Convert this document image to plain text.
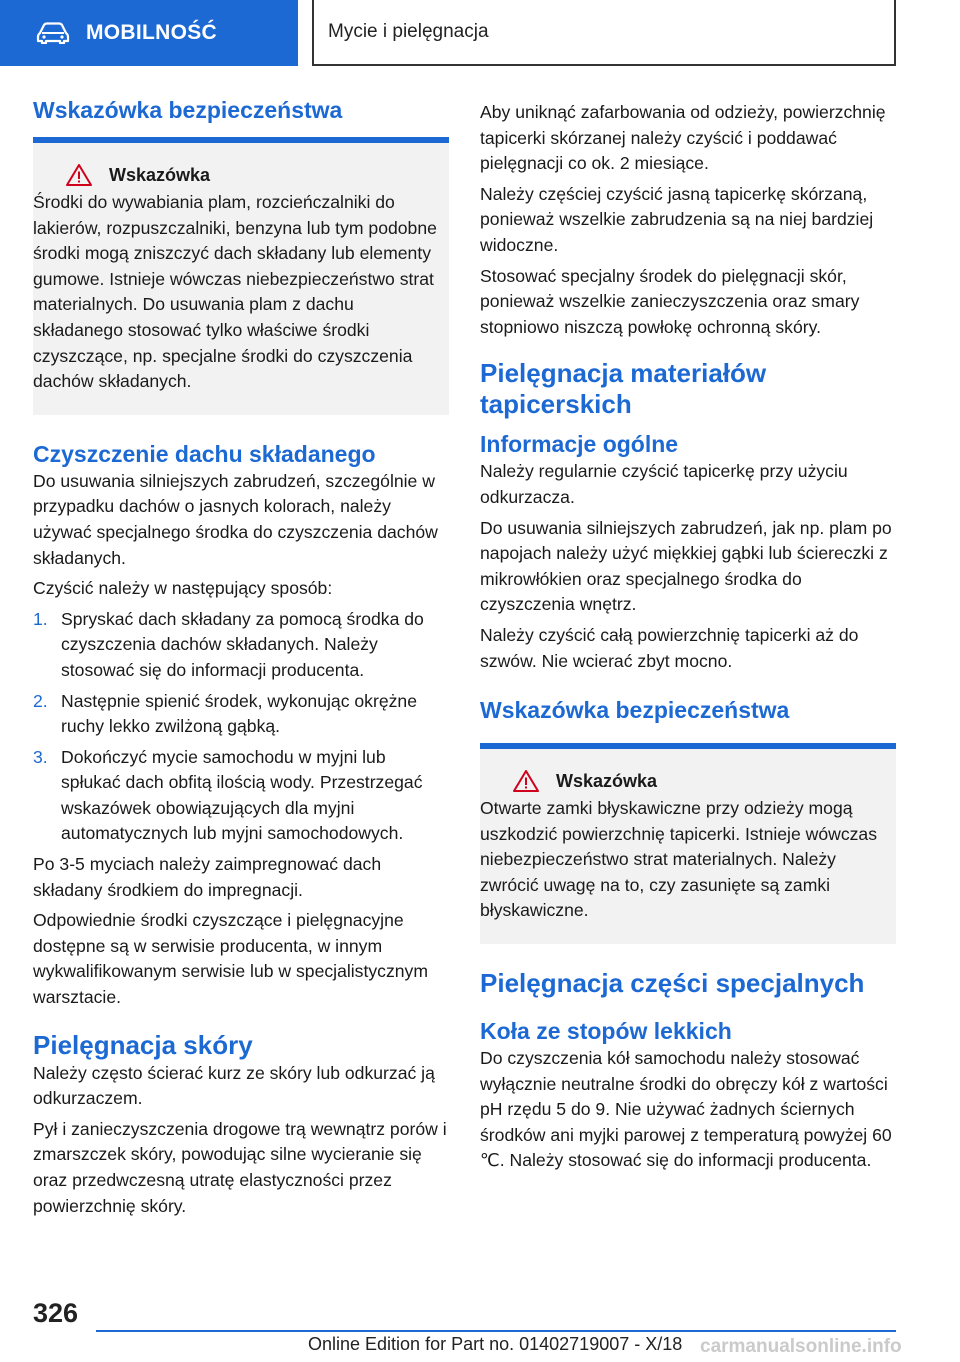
MOBILNOŚĆ	Mycie i pielęgnacja
Wskazówka bezpieczeństwa
Wskazówka
Środki do wywabiania plam, rozcieńczalniki do lakierów, rozpuszczalniki, benzyna lub tym podobne środki mogą zniszczyć dach składany lub elementy gumowe. Istnieje wówczas niebezpieczeństwo strat materialnych. Do usuwania plam z dachu składanego stosować tylko właściwe środki czyszczące, np. specjalne środki do czyszczenia dachów składanych.
Czyszczenie dachu składanego

Do usuwania silniejszych zabrudzeń, szczególnie w przypadku dachów o jasnych kolorach, należy używać specjalnego środka do czyszczenia dachów składanych.

Czyścić należy w następujący sposób:

1. Spryskać dach składany za pomocą środka do czyszczenia dachów składanych. Należy stosować się do informacji producenta.
2. Następnie spienić środek, wykonując okrężne ruchy lekko zwilżoną gąbką.
3. Dokończyć mycie samochodu w myjni lub spłukać dach obfitą ilością wody. Przestrzegać wskazówek obowiązujących dla myjni automatycznych lub myjni samochodowych.

Po 3-5 myciach należy zaimpregnować dach składany środkiem do impregnacji.

Odpowiednie środki czyszczące i pielęgnacyjne dostępne są w serwisie producenta, w innym wykwalifikowanym serwisie lub w specjalistycznym warsztacie.

Pielęgnacja skóry

Należy często ścierać kurz ze skóry lub odkurzać ją odkurzaczem.

Pył i zanieczyszczenia drogowe trą wewnątrz porów i zmarszczek skóry, powodując silne wycieranie się oraz przedwczesną utratę elastyczności przez powierzchnię skóry.

Aby uniknąć zafarbowania od odzieży, powierzchnię tapicerki skórzanej należy czyścić i poddawać pielęgnacji co ok. 2 miesiące.

Należy częściej czyścić jasną tapicerkę skórzaną, ponieważ wszelkie zabrudzenia są na niej bardziej widoczne.

Stosować specjalny środek do pielęgnacji skór, ponieważ wszelkie zanieczyszczenia oraz smary stopniowo niszczą powłokę ochronną skóry.

Pielęgnacja materiałów tapicerskich
Informacje ogólne

Należy regularnie czyścić tapicerkę przy użyciu odkurzacza.

Do usuwania silniejszych zabrudzeń, jak np. plam po napojach należy użyć miękkiej gąbki lub ściereczki z mikrowłókien oraz specjalnego środka do czyszczenia wnętrz.

Należy czyścić całą powierzchnię tapicerki aż do szwów. Nie wcierać zbyt mocno.

Wskazówka bezpieczeństwa
Wskazówka
Otwarte zamki błyskawiczne przy odzieży mogą uszkodzić powierzchnię tapicerki. Istnieje wówczas niebezpieczeństwo strat materialnych. Należy zwrócić uwagę na to, czy zasunięte są zamki błyskawiczne.
Pielęgnacja części specjalnych
Koła ze stopów lekkich

Do czyszczenia kół samochodu należy stosować wyłącznie neutralne środki do obręczy kół z wartości pH rzędu 5 do 9. Nie używać żadnych ściernych środków ani myjki parowej z temperaturą powyżej 60 ℃. Należy stosować się do informacji producenta.

326
Online Edition for Part no. 01402719007 - X/18 carmanualsonline.info
